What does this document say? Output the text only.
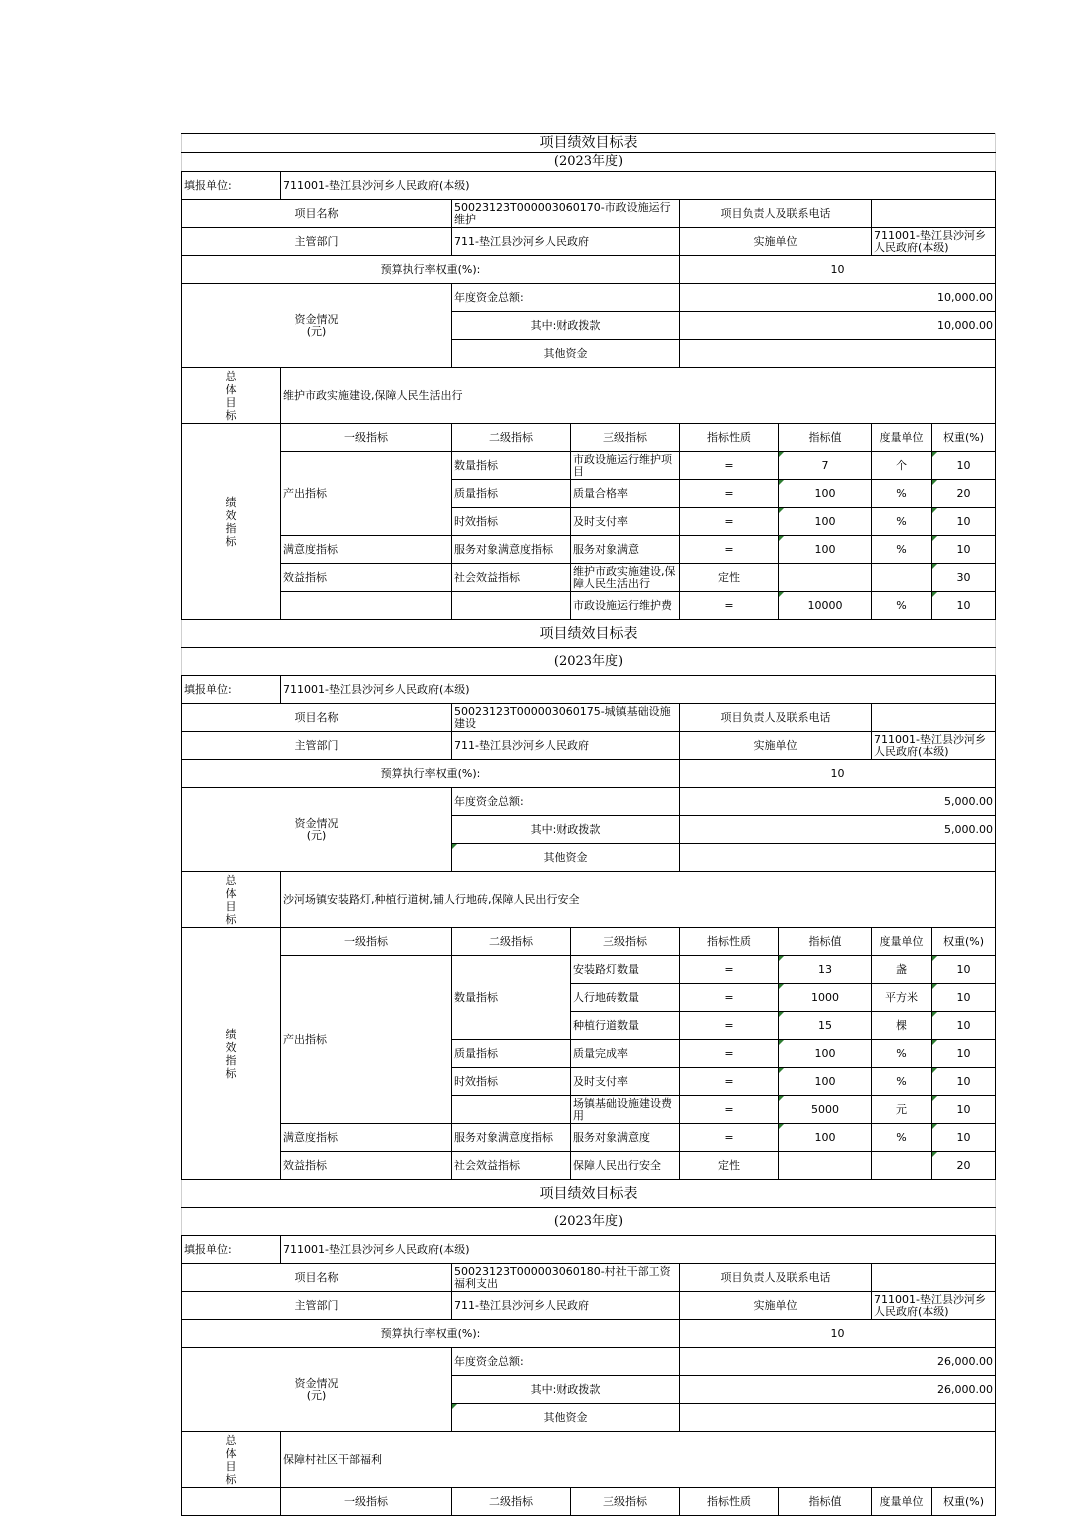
项目绩效目标表							
(2023年度)							
填报单位:	711001-垫江县沙河乡人民政府(本级)						
项目名称		50023123T000003060170-市政设施运行维护		项目负责人及联系电话			
主管部门		711-垫江县沙河乡人民政府		实施单位		711001-垫江县沙河乡人民政府(本级)	
预算执行率权重(%):				10			
资金情况
(元)		年度资金总额:		10,000.00			
		其中:财政拨款		10,000.00			
		其他资金					

总体目标	维护市政实施建设,保障人民生活出行						

绩效指标	一级指标	二级指标	三级指标	指标性质	指标值	度量单位	权重(%)
	产出指标	数量指标	市政设施运行维护项目	=	7	个	10
		质量指标	质量合格率	=	100	%	20
		时效指标	及时支付率	=	100	%	10
	满意度指标	服务对象满意度指标	服务对象满意	=	100	%	10
	效益指标	社会效益指标	维护市政实施建设,保障人民生活出行	定性			30
			市政设施运行维护费	=	10000	%	10
项目绩效目标表							
(2023年度)							
填报单位:	711001-垫江县沙河乡人民政府(本级)						
项目名称		50023123T000003060175-城镇基础设施建设		项目负责人及联系电话			
主管部门		711-垫江县沙河乡人民政府		实施单位		711001-垫江县沙河乡人民政府(本级)	
预算执行率权重(%):				10			
资金情况
(元)		年度资金总额:		5,000.00			
		其中:财政拨款		5,000.00			
		其他资金					

总体目标	沙河场镇安装路灯,种植行道树,铺人行地砖,保障人民出行安全						

绩效指标	一级指标	二级指标	三级指标	指标性质	指标值	度量单位	权重(%)
	产出指标	数量指标	安装路灯数量	=	13	盏	10
			人行地砖数量	=	1000	平方米	10
			种植行道数量	=	15	棵	10
		质量指标	质量完成率	=	100	%	10
		时效指标	及时支付率	=	100	%	10
			场镇基础设施建设费用	=	5000	元	10
	满意度指标	服务对象满意度指标	服务对象满意度	=	100	%	10
	效益指标	社会效益指标	保障人民出行安全	定性			20
项目绩效目标表							
(2023年度)							
填报单位:	711001-垫江县沙河乡人民政府(本级)						
项目名称		50023123T000003060180-村社干部工资福利支出		项目负责人及联系电话			
主管部门		711-垫江县沙河乡人民政府		实施单位		711001-垫江县沙河乡人民政府(本级)	
预算执行率权重(%):				10			
资金情况
(元)		年度资金总额:		26,000.00			
		其中:财政拨款		26,000.00			
		其他资金					

总体目标	保障村社区干部福利						
	一级指标	二级指标	三级指标	指标性质	指标值	度量单位	权重(%)
